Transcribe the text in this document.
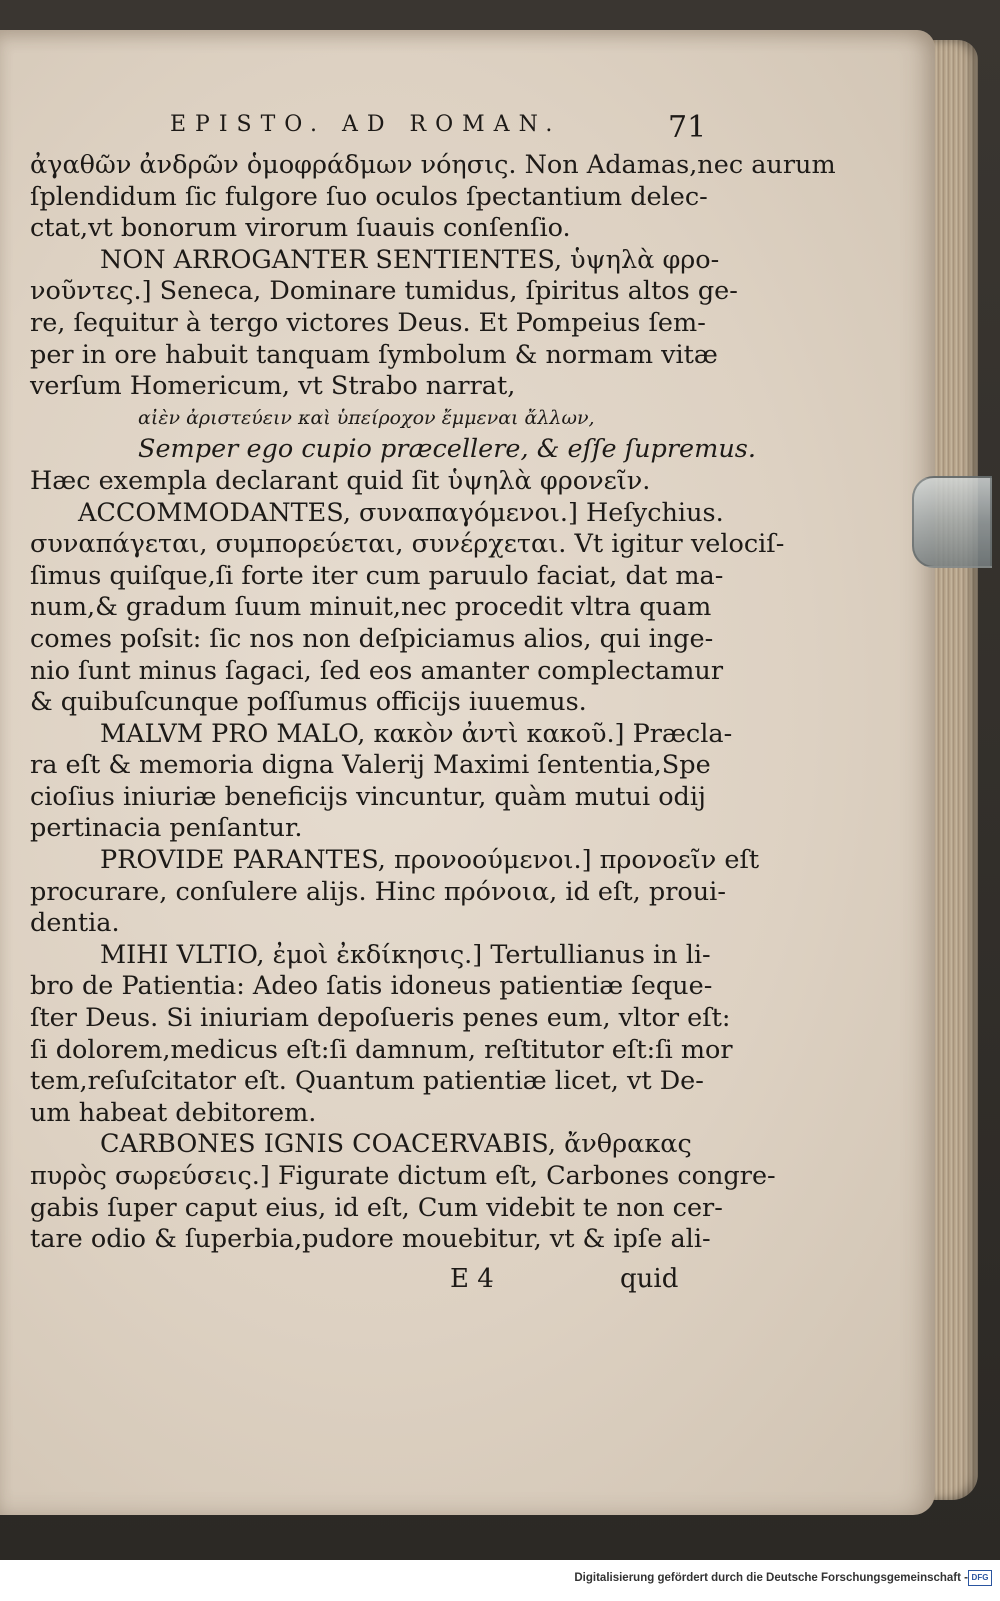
EPISTO. AD ROMAN.	71
ἀγαθῶν ἀνδρῶν ὁμοφράδμων νόησις. Non Adamas,nec aurum
ſplendidum ſic fulgore ſuo oculos ſpectantium delec-
ctat,vt bonorum virorum ſuauis conſenſio.
NON ARROGANTER SENTIENTES, ὑψηλὰ φρο-
νοῦντες.] Seneca, Dominare tumidus, ſpiritus altos ge-
re, ſequitur à tergo victores Deus. Et Pompeius ſem-
per in ore habuit tanquam ſymbolum & normam vitæ
verſum Homericum, vt Strabo narrat,
αἰὲν ἀριστεύειν καὶ ὑπείροχον ἔμμεναι ἄλλων,
Semper ego cupio præcellere, & eſſe ſupremus.
Hæc exempla declarant quid ſit ὑψηλὰ φρονεῖν.
ACCOMMODANTES, συναπαγόμενοι.] Heſychius.
συναπάγεται, συμπορεύεται, συνέρχεται. Vt igitur velociſ-
ſimus quiſque,ſi forte iter cum paruulo faciat, dat ma-
num,& gradum ſuum minuit,nec procedit vltra quam
comes poſsit: ſic nos non deſpiciamus alios, qui inge-
nio ſunt minus ſagaci, ſed eos amanter complectamur
& quibuſcunque poſſumus officijs iuuemus.
MALVM PRO MALO, κακὸν ἀντὶ κακοῦ.] Præcla-
ra eſt & memoria digna Valerij Maximi ſententia,Spe
cioſius iniuriæ beneficijs vincuntur, quàm mutui odij
pertinacia penſantur.
PROVIDE PARANTES, προνοούμενοι.] προνοεῖν eſt
procurare, conſulere alijs. Hinc πρόνοια, id eſt, proui-
dentia.
MIHI VLTIO, ἐμοὶ ἐκδίκησις.] Tertullianus in li-
bro de Patientia: Adeo ſatis idoneus patientiæ ſeque-
ſter Deus. Si iniuriam depoſueris penes eum, vltor eſt:
ſi dolorem,medicus eſt:ſi damnum, reſtitutor eſt:ſi mor
tem,reſuſcitator eſt. Quantum patientiæ licet, vt De-
um habeat debitorem.
CARBONES IGNIS COACERVABIS, ἄνθρακας
πυρὸς σωρεύσεις.] Figurate dictum eſt, Carbones congre-
gabis ſuper caput eius, id eſt, Cum videbit te non cer-
tare odio & ſuperbia,pudore mouebitur, vt & ipſe ali-
E 4	quid
Digitalisierung gefördert durch die Deutsche Forschungsgemeinschaft - DFG
